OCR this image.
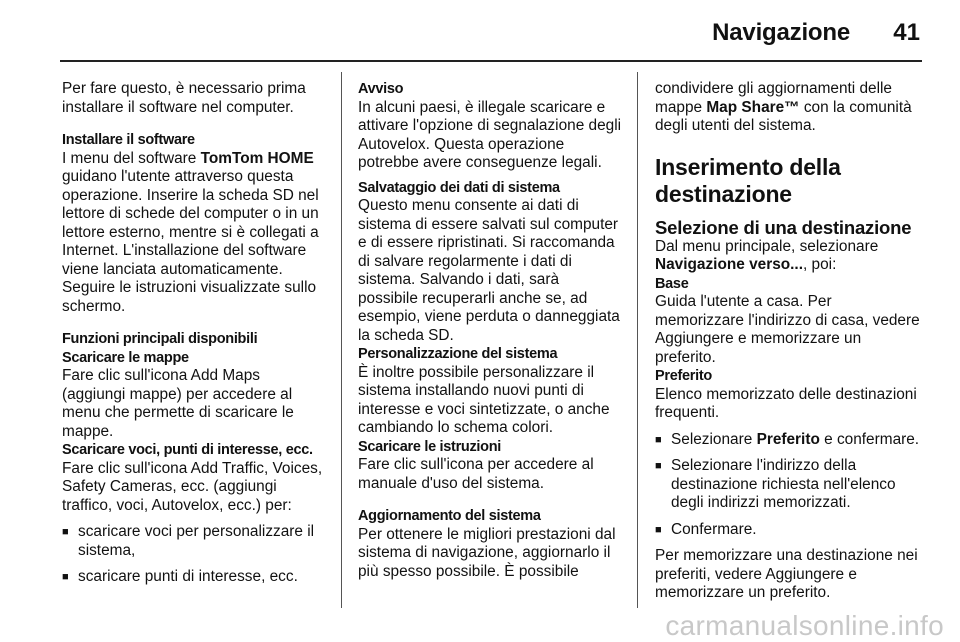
Navigazione 41

Per fare questo, è necessario prima installare il software nel computer.

Installare il software
I menu del software TomTom HOME guidano l'utente attraverso questa operazione. Inserire la scheda SD nel lettore di schede del computer o in un lettore esterno, mentre si è collegati a Internet. L'installazione del software viene lanciata automaticamente. Seguire le istruzioni visualizzate sullo schermo.

Funzioni principali disponibili

Scaricare le mappe

Fare clic sull'icona Add Maps (aggiungi mappe) per accedere al menu che permette di scaricare le mappe.

Scaricare voci, punti di interesse, ecc.

Fare clic sull'icona Add Traffic, Voices, Safety Cameras, ecc. (aggiungi traffico, voci, Autovelox, ecc.) per:

■ scaricare voci per personalizzare il sistema,
■ scaricare punti di interesse, ecc.

Avviso

In alcuni paesi, è illegale scaricare e attivare l'opzione di segnalazione degli Autovelox. Questa operazione potrebbe avere conseguenze legali.

Salvataggio dei dati di sistema

Questo menu consente ai dati di sistema di essere salvati sul computer e di essere ripristinati. Si raccomanda di salvare regolarmente i dati di sistema. Salvando i dati, sarà possibile recuperarli anche se, ad esempio, viene perduta o danneggiata la scheda SD.

Personalizzazione del sistema

È inoltre possibile personalizzare il sistema installando nuovi punti di interesse e voci sintetizzate, o anche cambiando lo schema colori.

Scaricare le istruzioni

Fare clic sull'icona per accedere al manuale d'uso del sistema.

Aggiornamento del sistema

Per ottenere le migliori prestazioni dal sistema di navigazione, aggiornarlo il più spesso possibile. È possibile

condividere gli aggiornamenti delle mappe Map Share™ con la comunità degli utenti del sistema.

Inserimento della destinazione
Selezione di una destinazione

Dal menu principale, selezionare Navigazione verso..., poi:

Base

Guida l'utente a casa. Per memorizzare l'indirizzo di casa, vedere Aggiungere e memorizzare un preferito.

Preferito

Elenco memorizzato delle destinazioni frequenti.

■ Selezionare Preferito e confermare.
■ Selezionare l'indirizzo della destinazione richiesta nell'elenco degli indirizzi memorizzati.
■ Confermare.

Per memorizzare una destinazione nei preferiti, vedere Aggiungere e memorizzare un preferito.

carmanualsonline.info
